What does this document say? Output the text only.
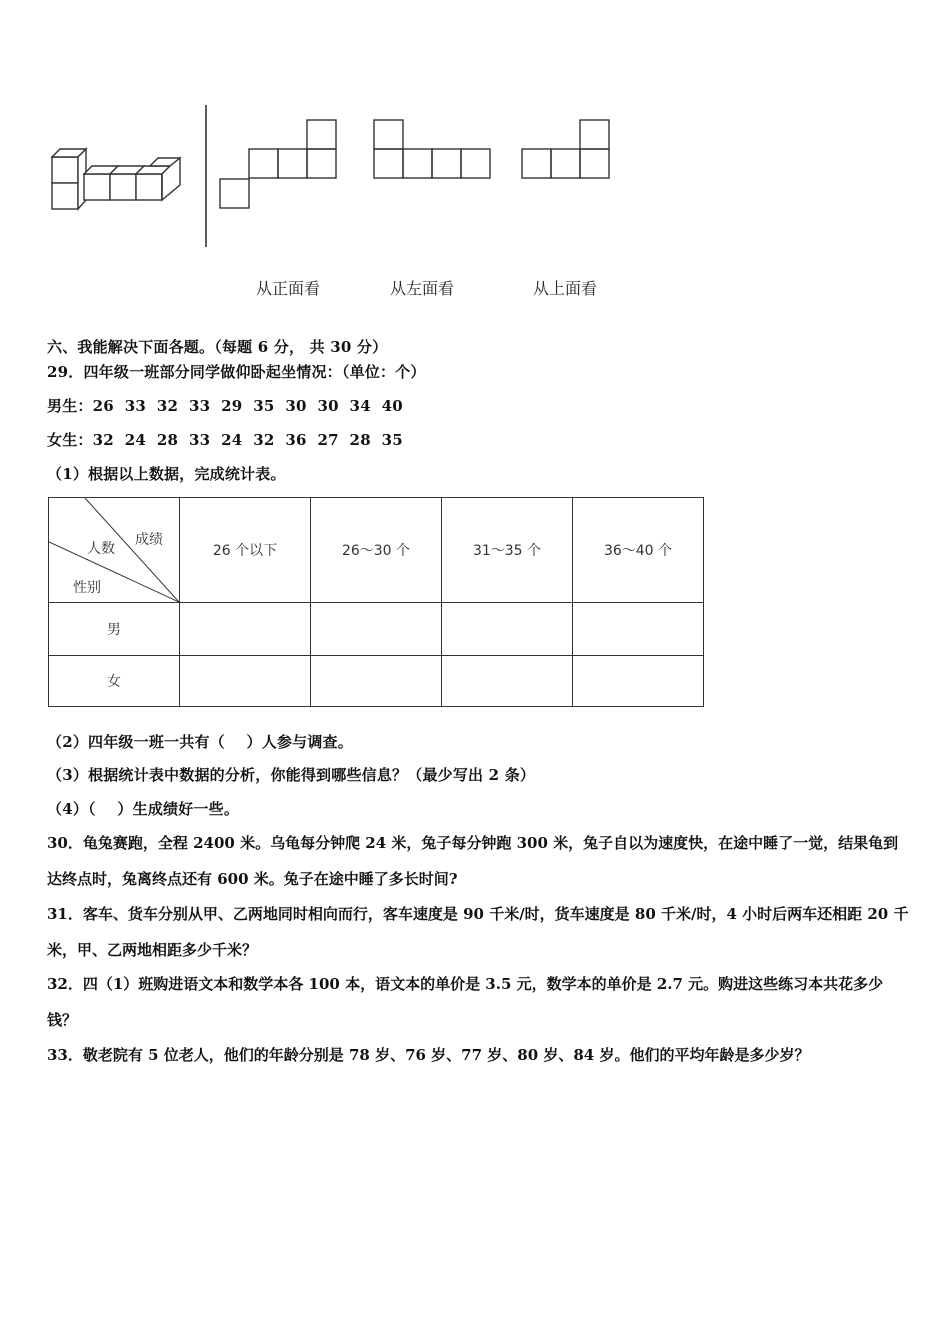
从正面看	从左面看	从上面看
六、我能解决下面各题。（每题 6 分， 共 30 分）
29．四年级一班部分同学做仰卧起坐情况：（单位：个）
男生：26  33  32  33  29  35  30  30  34  40
女生：32  24  28  33  24  32  36  27  28  35
（1）根据以上数据，完成统计表。
成绩
人数
性别	26 个以下	26～30 个	31～35 个	36～40 个
男				
女				
（2）四年级一班一共有（    ）人参与调查。
（3）根据统计表中数据的分析，你能得到哪些信息？（最少写出 2 条）
（4）（    ）生成绩好一些。
30．龟兔赛跑，全程 2400 米。乌龟每分钟爬 24 米，兔子每分钟跑 300 米，兔子自以为速度快，在途中睡了一觉，结果龟到达终点时，兔离终点还有 600 米。兔子在途中睡了多长时间?
31．客车、货车分别从甲、乙两地同时相向而行，客车速度是 90 千米/时，货车速度是 80 千米/时，4 小时后两车还相距 20 千米，甲、乙两地相距多少千米？
32．四（1）班购进语文本和数学本各 100 本，语文本的单价是 3.5 元，数学本的单价是 2.7 元。购进这些练习本共花多少钱？
33．敬老院有 5 位老人，他们的年龄分别是 78 岁、76 岁、77 岁、80 岁、84 岁。他们的平均年龄是多少岁？
